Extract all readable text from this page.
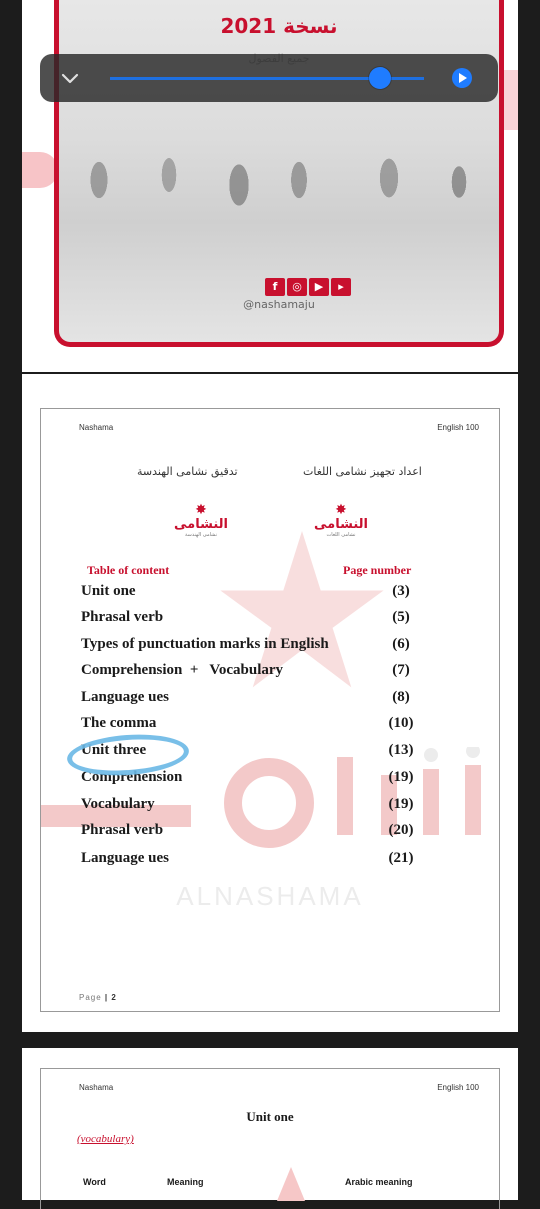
نسخة 2021
f	◎	▶	▸
@nashamaju
ALNASHAMA
Nashama	English 100
تدقيق نشامى الهندسة	اعداد تجهيز نشامى اللغات
✸
النشامى
نشامى الهندسة
✸
النشامى
نشامى اللغات
Table of content	Page number
Unit one	(3)
Phrasal verb	(5)
Types of punctuation marks in English	(6)
Comprehension  +   Vocabulary	(7)
Language ues	(8)
The comma	(10)
Unit three	(13)
Comprehension	(19)
Vocabulary	(19)
Phrasal verb	(20)
Language ues	(21)
Page | 2
Nashama	English 100
Unit one
(vocabulary)
Word	Meaning	Arabic meaning
